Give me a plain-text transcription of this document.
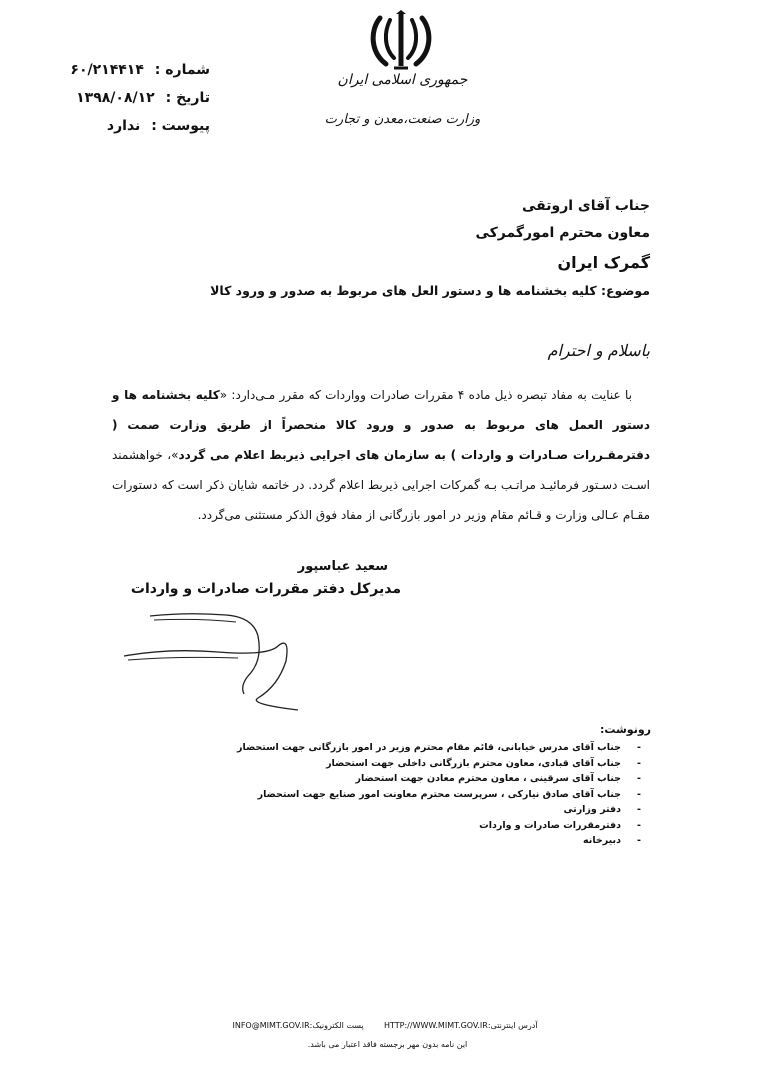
شماره : ۶۰/۲۱۴۴۱۴
تاریخ : ۱۳۹۸/۰۸/۱۲
پیوست : ندارد
جمهوری اسلامی ایران
وزارت صنعت،معدن و تجارت
جناب آقای اروتقی
معاون محترم امورگمرکی
گمرک ایران
موضوع: کلیه بخشنامه ها و دستور العل های مربوط به صدور و ورود کالا
باسلام و احترام
با عنایت به مفاد تبصره ذیل ماده ۴ مقررات صادرات وواردات که مقرر مـی‌دارد: «کلیه بخشنامه ها و دستور العمل های مربوط به صدور و ورود کالا منحصراً از طریق وزارت صمت ( دفترمقـررات صـادرات و واردات ) به سازمان های اجرایی ذیربط اعلام می گردد»، خواهشمند اسـت دسـتور فرمائیـد مراتـب بـه گمرکات اجرایی ذیربط اعلام گردد. در خاتمه شایان ذکر است که دستورات مقـام عـالی وزارت و قـائم مقام وزیر در امور بازرگانی از مفاد فوق الذکر مستثنی می‌گردد.
سعید عباسپور
مدیرکل دفتر مقررات صادرات و واردات
رونوشت:
-
جناب آقای مدرس خیابانی، قائم مقام محترم وزیر در امور بازرگانی جهت استحضار
-
جناب آقای قبادی، معاون محترم بازرگانی داخلی جهت استحضار
-
جناب آقای سرقینی ، معاون محترم معادن جهت استحضار
-
جناب آقای صادق نیارکی ، سرپرست محترم معاونت امور صنایع جهت استحضار
-
دفتر وزارتی
-
دفترمقررات صادرات و واردات
-
دبیرخانه
آدرس اینترنتی:HTTP://WWW.MIMT.GOV.IR        پست الکترونیک:INFO@MIMT.GOV.IR
این نامه بدون مهر برجسته فاقد اعتبار می باشد.
